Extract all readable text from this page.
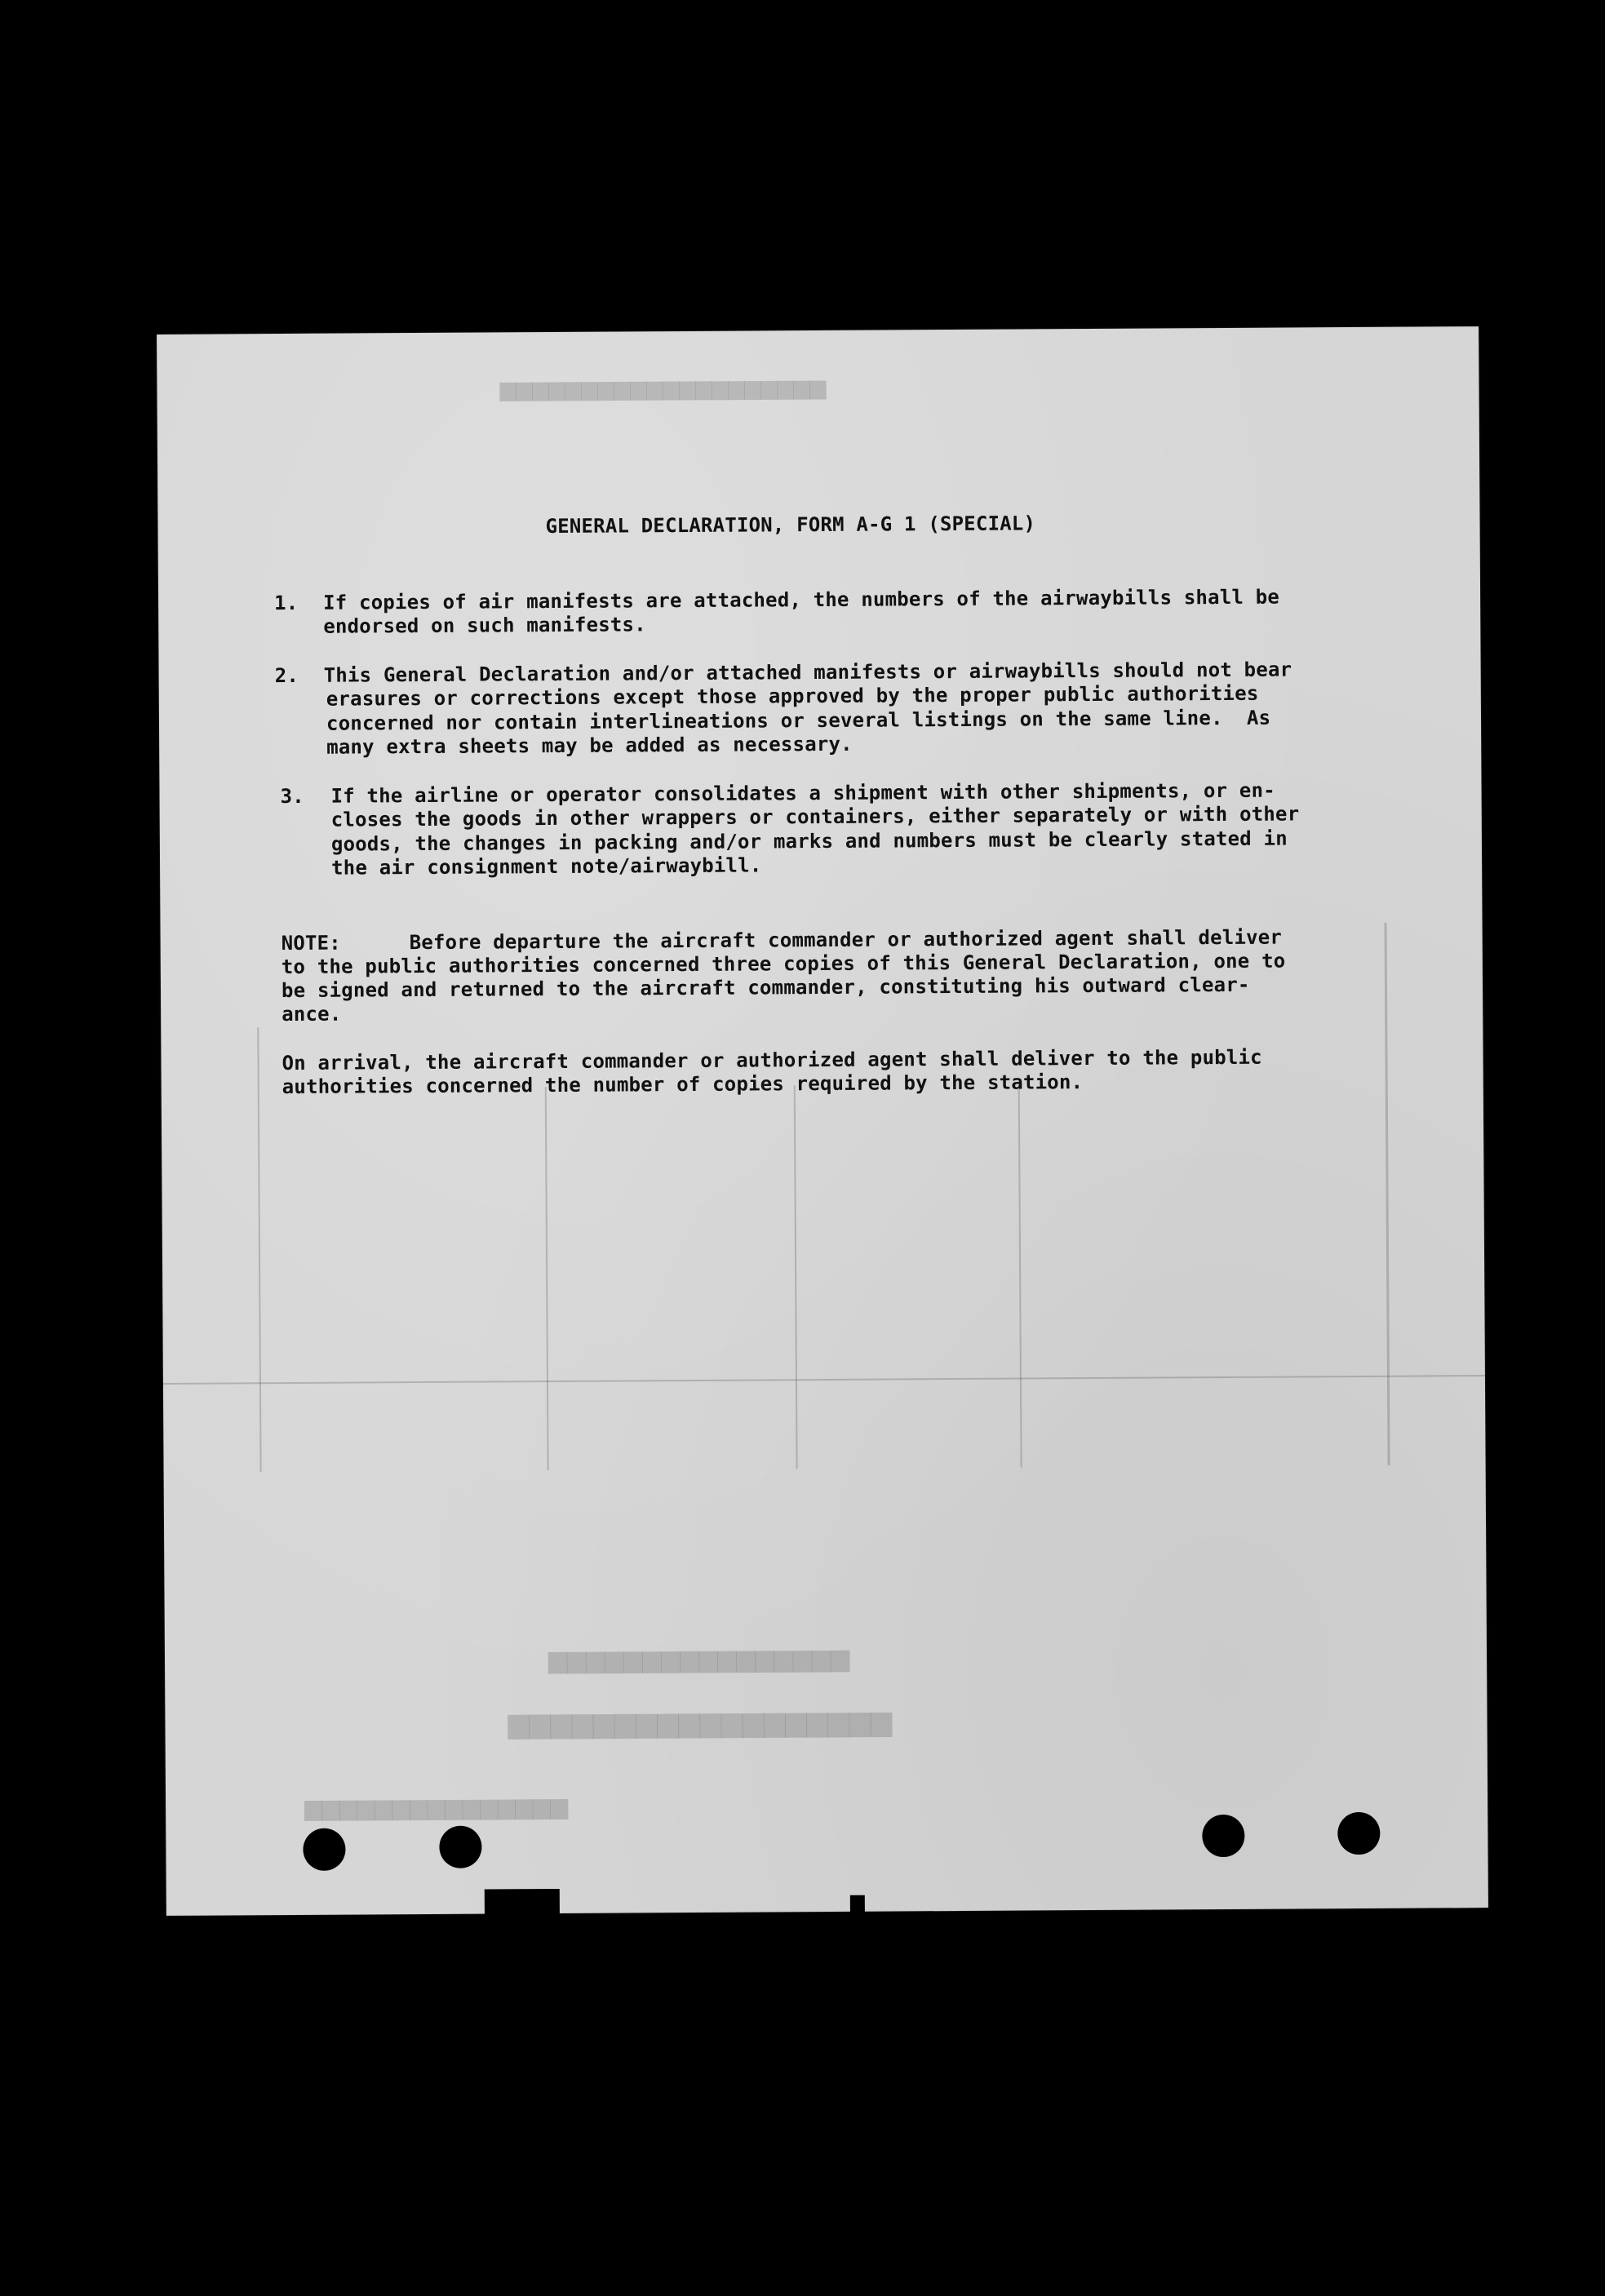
▆▆▆▆▆▆▆▆▆▆▆▆▆▆▆▆▆▆▆▆
▆▆▆▆▆▆▆▆▆▆▆▆▆▆▆▆
▆▆▆▆▆▆▆▆▆▆▆▆▆▆▆▆▆▆
▆▆▆▆▆▆▆▆▆▆▆▆▆▆▆
GENERAL DECLARATION, FORM A-G 1 (SPECIAL)
1. If copies of air manifests are attached, the numbers of the airwaybills shall be
endorsed on such manifests.
2. This General Declaration and/or attached manifests or airwaybills should not bear
erasures or corrections except those approved by the proper public authorities
concerned nor contain interlineations or several listings on the same line.  As
many extra sheets may be added as necessary.
3. If the airline or operator consolidates a shipment with other shipments, or en-
closes the goods in other wrappers or containers, either separately or with other
goods, the changes in packing and/or marks and numbers must be clearly stated in
the air consignment note/airwaybill.
NOTE:	Before departure the aircraft commander or authorized agent shall deliver
to the public authorities concerned three copies of this General Declaration, one to
be signed and returned to the aircraft commander, constituting his outward clear-
ance.
On arrival, the aircraft commander or authorized agent shall deliver to the public
authorities concerned the number of copies required by the station.
